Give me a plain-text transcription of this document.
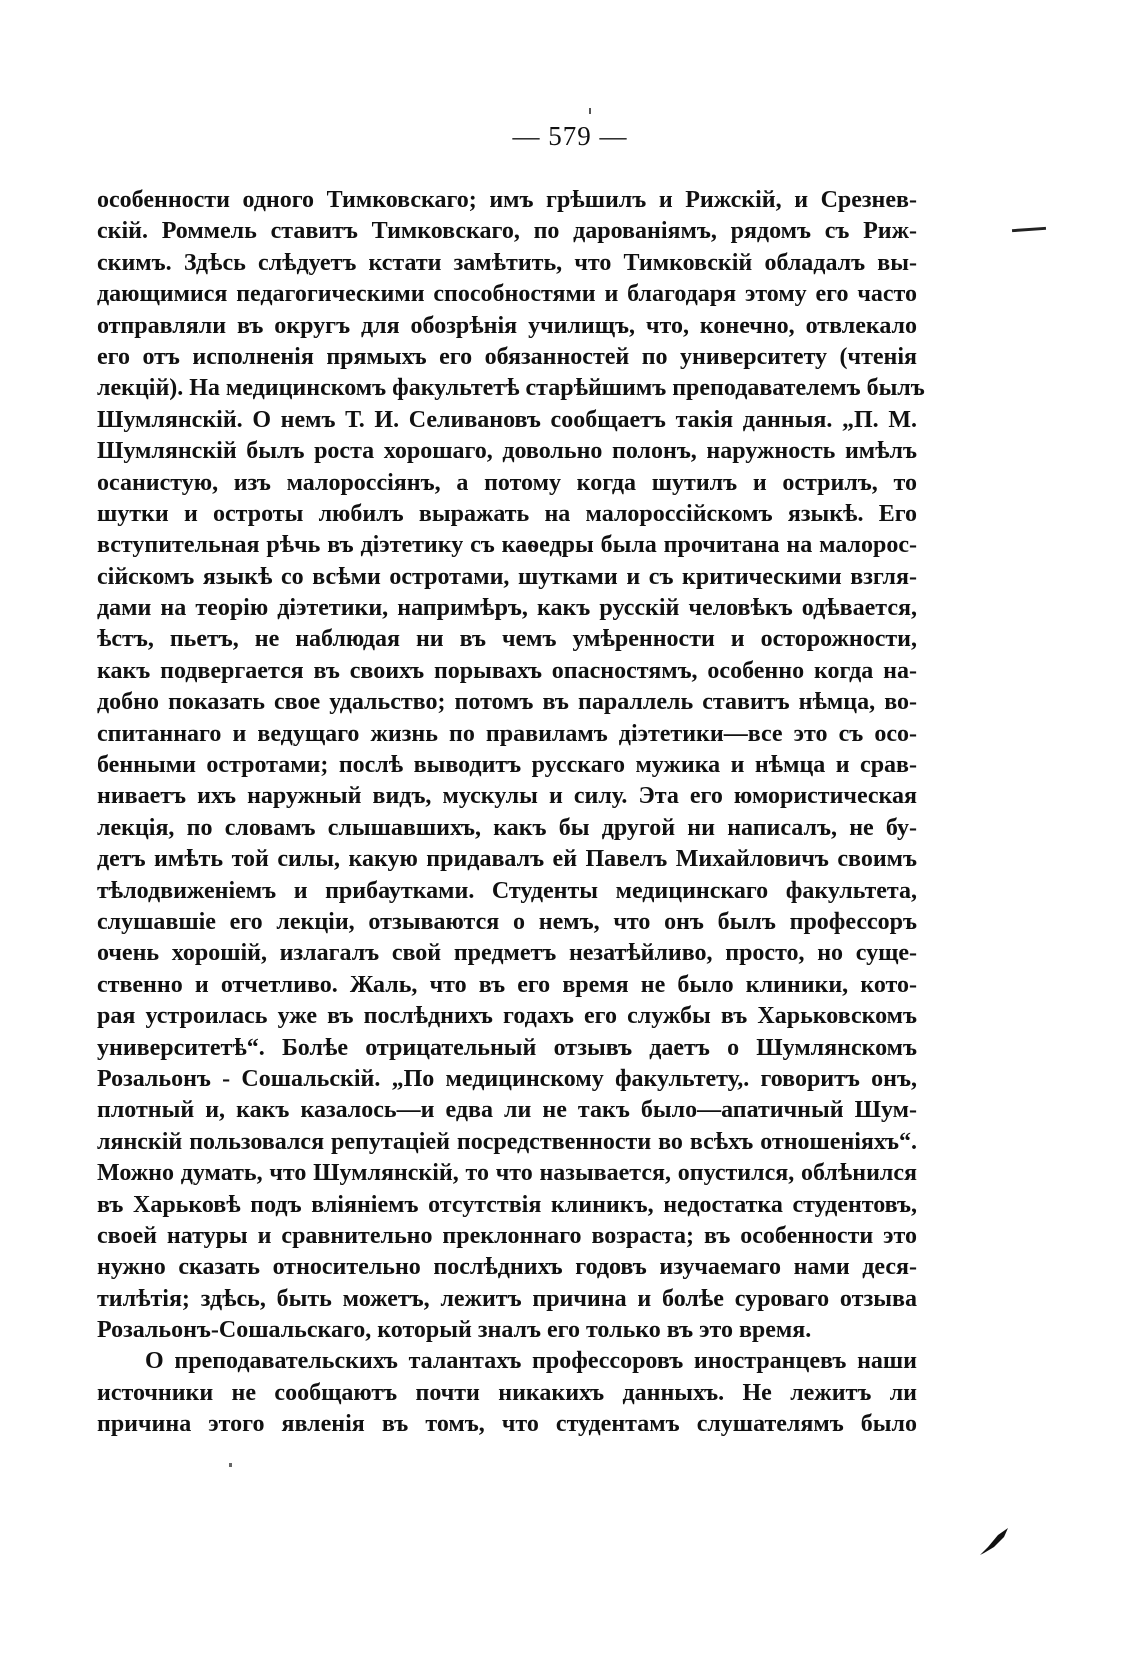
— 579 —
особенности одного Тимковскаго; имъ грѣшилъ и Рижскій, и Срезнев-
скій. Роммель ставитъ Тимковскаго, по дарованіямъ, рядомъ съ Риж-
скимъ. Здѣсь слѣдуетъ кстати замѣтить, что Тимковскій обладалъ вы-
дающимися педагогическими способностями и благодаря этому его часто
отправляли въ округъ для обозрѣнія училищъ, что, конечно, отвлекало
его отъ исполненія прямыхъ его обязанностей по университету (чтенія
лекцій). На медицинскомъ факультетѣ старѣйшимъ преподавателемъ былъ
Шумлянскій. О немъ Т. И. Селивановъ сообщаетъ такія данныя. „П. М.
Шумлянскій былъ роста хорошаго, довольно полонъ, наружность имѣлъ
осанистую, изъ малороссіянъ, а потому когда шутилъ и острилъ, то
шутки и остроты любилъ выражать на малороссійскомъ языкѣ. Его
вступительная рѣчь въ діэтетику съ каѳедры была прочитана на малорос-
сійскомъ языкѣ со всѣми остротами, шутками и съ критическими взгля-
дами на теорію діэтетики, напримѣръ, какъ русскій человѣкъ одѣвается,
ѣстъ, пьетъ, не наблюдая ни въ чемъ умѣренности и осторожности,
какъ подвергается въ своихъ порывахъ опасностямъ, особенно когда на-
добно показать свое удальство; потомъ въ параллель ставитъ нѣмца, во-
спитаннаго и ведущаго жизнь по правиламъ діэтетики—все это съ осо-
бенными остротами; послѣ выводитъ русскаго мужика и нѣмца и срав-
ниваетъ ихъ наружный видъ, мускулы и силу. Эта его юмористическая
лекція, по словамъ слышавшихъ, какъ бы другой ни написалъ, не бу-
детъ имѣть той силы, какую придавалъ ей Павелъ Михайловичъ своимъ
тѣлодвиженіемъ и прибаутками. Студенты медицинскаго факультета,
слушавшіе его лекціи, отзываются о немъ, что онъ былъ профессоръ
очень хорошій, излагалъ свой предметъ незатѣйливо, просто, но суще-
ственно и отчетливо. Жаль, что въ его время не было клиники, кото-
рая устроилась уже въ послѣднихъ годахъ его службы въ Харьковскомъ
университетѣ“. Болѣе отрицательный отзывъ даетъ о Шумлянскомъ
Розальонъ - Сошальскій. „По медицинскому факультету,. говоритъ онъ,
плотный и, какъ казалось—и едва ли не такъ было—апатичный Шум-
лянскій пользовался репутаціей посредственности во всѣхъ отношеніяхъ“.
Можно думать, что Шумлянскій, то что называется, опустился, облѣнился
въ Харьковѣ подъ вліяніемъ отсутствія клиникъ, недостатка студентовъ,
своей натуры и сравнительно преклоннаго возраста; въ особенности это
нужно сказать относительно послѣднихъ годовъ изучаемаго нами деся-
тилѣтія; здѣсь, быть можетъ, лежитъ причина и болѣе суроваго отзыва
Розальонъ-Сошальскаго, который зналъ его только въ это время.
О преподавательскихъ талантахъ профессоровъ иностранцевъ наши
источники не сообщаютъ почти никакихъ данныхъ. Не лежитъ ли
причина этого явленія въ томъ, что студентамъ слушателямъ было
